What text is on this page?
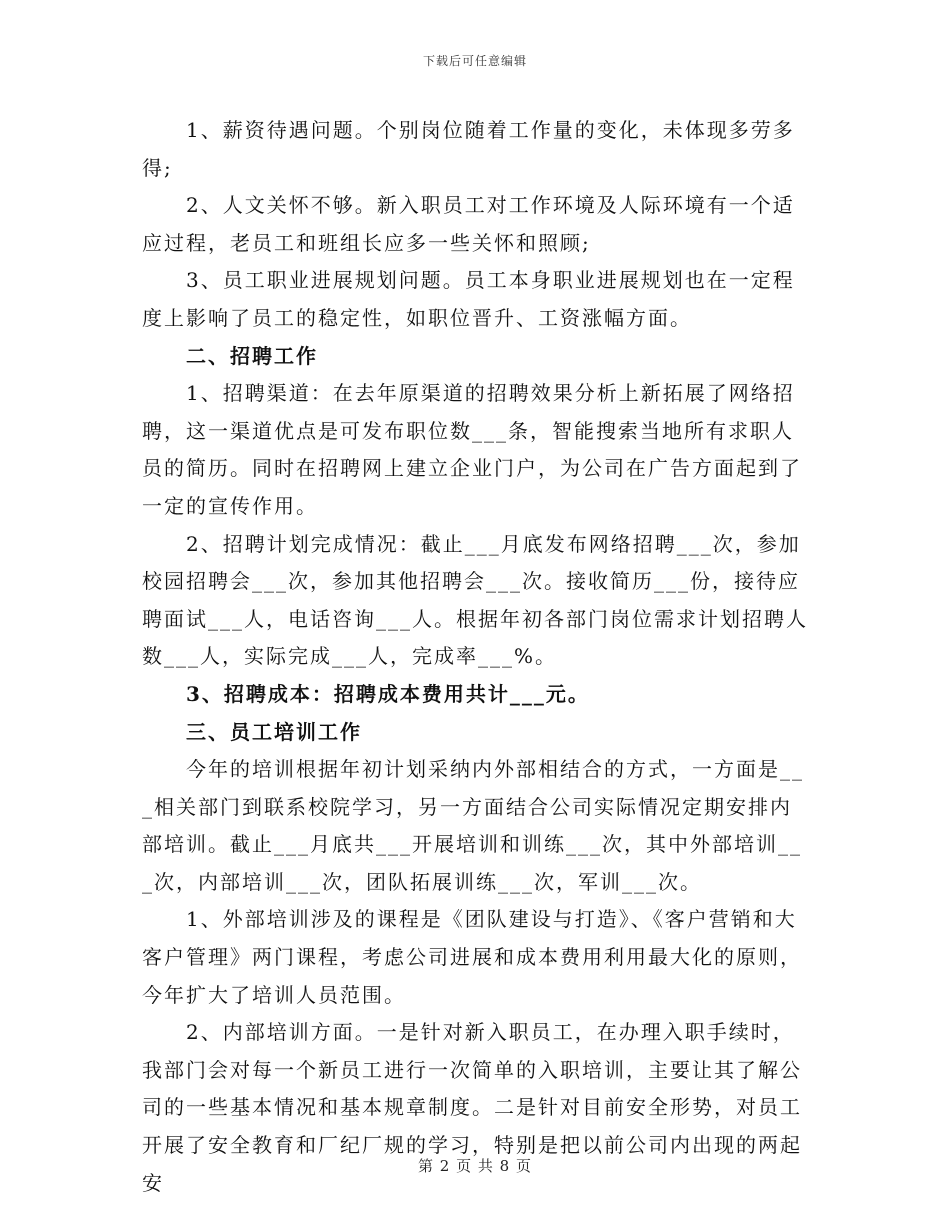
下载后可任意编辑

1、薪资待遇问题。个别岗位随着工作量的变化，未体现多劳多得;

2、人文关怀不够。新入职员工对工作环境及人际环境有一个适应过程，老员工和班组长应多一些关怀和照顾;

3、员工职业进展规划问题。员工本身职业进展规划也在一定程度上影响了员工的稳定性，如职位晋升、工资涨幅方面。

二、招聘工作

1、招聘渠道：在去年原渠道的招聘效果分析上新拓展了网络招聘，这一渠道优点是可发布职位数___条，智能搜索当地所有求职人员的简历。同时在招聘网上建立企业门户，为公司在广告方面起到了一定的宣传作用。

2、招聘计划完成情况：截止___月底发布网络招聘___次，参加校园招聘会___次，参加其他招聘会___次。接收简历___份，接待应聘面试___人，电话咨询___人。根据年初各部门岗位需求计划招聘人数___人，实际完成___人，完成率___%。

3、招聘成本：招聘成本费用共计___元。

三、员工培训工作

今年的培训根据年初计划采纳内外部相结合的方式，一方面是___相关部门到联系校院学习，另一方面结合公司实际情况定期安排内部培训。截止___月底共___开展培训和训练___次，其中外部培训___次，内部培训___次，团队拓展训练___次，军训___次。

1、外部培训涉及的课程是《团队建设与打造》、《客户营销和大客户管理》两门课程，考虑公司进展和成本费用利用最大化的原则，今年扩大了培训人员范围。

2、内部培训方面。一是针对新入职员工，在办理入职手续时，我部门会对每一个新员工进行一次简单的入职培训，主要让其了解公司的一些基本情况和基本规章制度。二是针对目前安全形势，对员工开展了安全教育和厂纪厂规的学习，特别是把以前公司内出现的两起安

第 2 页 共 8 页
